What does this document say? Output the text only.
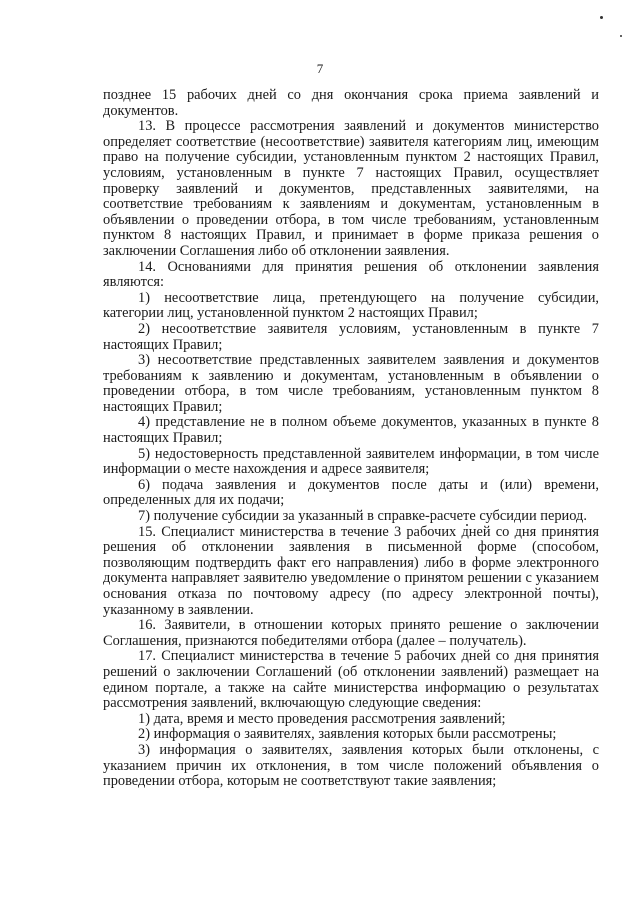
7

позднее 15 рабочих дней со дня окончания срока приема заявлений и документов.

13. В процессе рассмотрения заявлений и документов министерство определяет соответствие (несоответствие) заявителя категориям лиц, имеющим право на получение субсидии, установленным пунктом 2 настоящих Правил, условиям, установленным в пункте 7 настоящих Правил, осуществляет проверку заявлений и документов, представленных заявителями, на соответствие требованиям к заявлениям и документам, установленным в объявлении о проведении отбора, в том числе требованиям, установленным пунктом 8 настоящих Правил, и принимает в форме приказа решения о заключении Соглашения либо об отклонении заявления.

14. Основаниями для принятия решения об отклонении заявления являются:

1) несоответствие лица, претендующего на получение субсидии, категории лиц, установленной пунктом 2 настоящих Правил;

2) несоответствие заявителя условиям, установленным в пункте 7 настоящих Правил;

3) несоответствие представленных заявителем заявления и документов требованиям к заявлению и документам, установленным в объявлении о проведении отбора, в том числе требованиям, установленным пунктом 8 настоящих Правил;

4) представление не в полном объеме документов, указанных в пункте 8 настоящих Правил;

5) недостоверность представленной заявителем информации, в том числе информации о месте нахождения и адресе заявителя;

6) подача заявления и документов после даты и (или) времени, определенных для их подачи;

7) получение субсидии за указанный в справке-расчете субсидии период.

15. Специалист министерства в течение 3 рабочих дней со дня принятия решения об отклонении заявления в письменной форме (способом, позволяющим подтвердить факт его направления) либо в форме электронного документа направляет заявителю уведомление о принятом решении с указанием основания отказа по почтовому адресу (по адресу электронной почты), указанному в заявлении.

16. Заявители, в отношении которых принято решение о заключении Соглашения, признаются победителями отбора (далее – получатель).

17. Специалист министерства в течение 5 рабочих дней со дня принятия решений о заключении Соглашений (об отклонении заявлений) размещает на едином портале, а также на сайте министерства информацию о результатах рассмотрения заявлений, включающую следующие сведения:

1) дата, время и место проведения рассмотрения заявлений;

2) информация о заявителях, заявления которых были рассмотрены;

3) информация о заявителях, заявления которых были отклонены, с указанием причин их отклонения, в том числе положений объявления о проведении отбора, которым не соответствуют такие заявления;
